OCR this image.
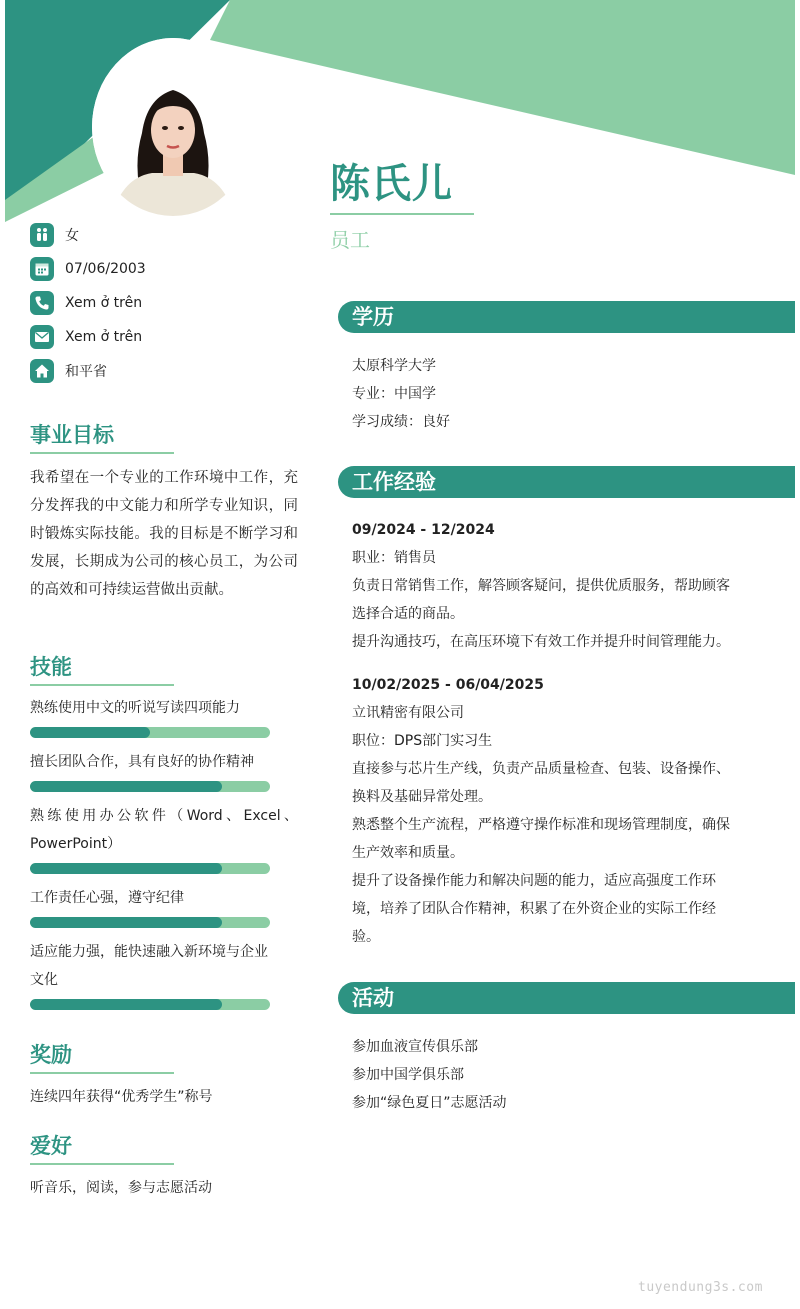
陈氏儿
员工
女
07/06/2003
Xem ở trên
Xem ở trên
和平省
事业目标
我希望在一个专业的工作环境中工作，充分发挥我的中文能力和所学专业知识，同时锻炼实际技能。我的目标是不断学习和发展，长期成为公司的核心员工，为公司的高效和可持续运营做出贡献。
技能
熟练使用中文的听说写读四项能力
擅长团队合作，具有良好的协作精神
熟练使用办公软件（Word、Excel、
PowerPoint）
工作责任心强，遵守纪律
适应能力强，能快速融入新环境与企业
文化
奖励
连续四年获得“优秀学生”称号
爱好
听音乐，阅读，参与志愿活动
学历
太原科学大学
专业：中国学
学习成绩：良好
工作经验
09/2024 - 12/2024
职业：销售员
负责日常销售工作，解答顾客疑问，提供优质服务，帮助顾客
选择合适的商品。
提升沟通技巧，在高压环境下有效工作并提升时间管理能力。
10/02/2025 - 06/04/2025
立讯精密有限公司
职位：DPS部门实习生
直接参与芯片生产线，负责产品质量检查、包装、设备操作、
换料及基础异常处理。
熟悉整个生产流程，严格遵守操作标准和现场管理制度，确保
生产效率和质量。
提升了设备操作能力和解决问题的能力，适应高强度工作环
境，培养了团队合作精神，积累了在外资企业的实际工作经
验。
活动
参加血液宣传俱乐部
参加中国学俱乐部
参加“绿色夏日”志愿活动
tuyendung3s.com
